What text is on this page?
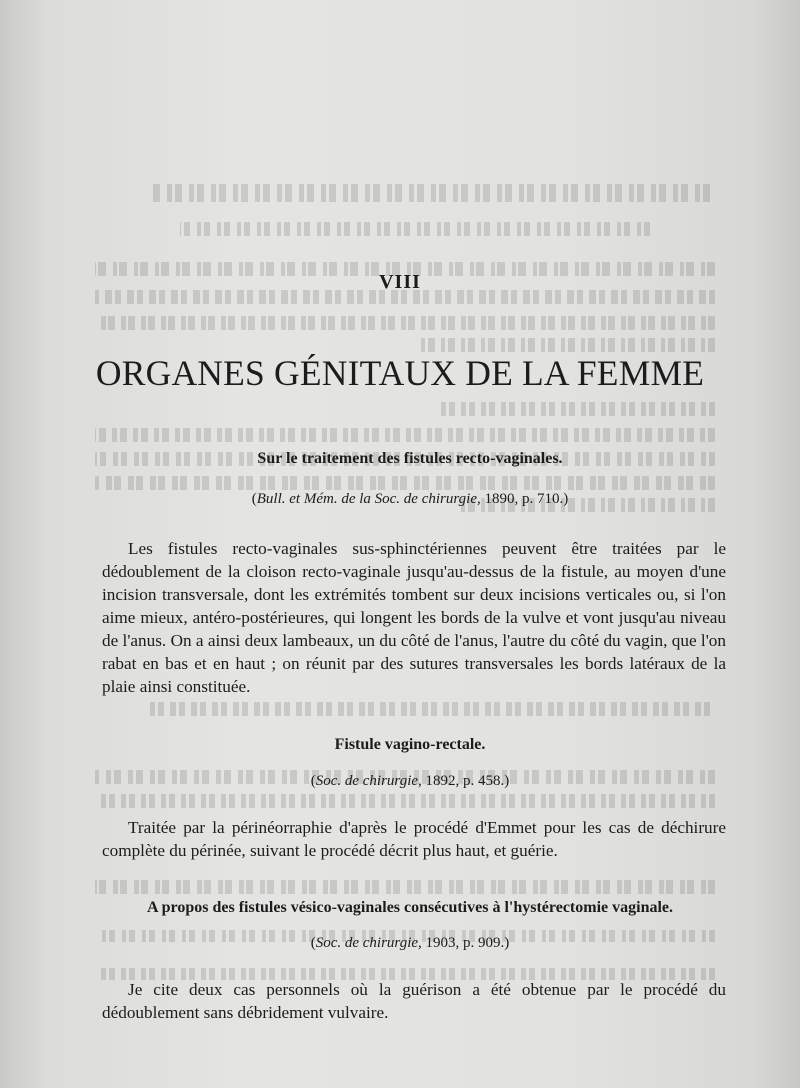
VIII
ORGANES GÉNITAUX DE LA FEMME
Sur le traitement des fistules recto-vaginales.
(Bull. et Mém. de la Soc. de chirurgie, 1890, p. 710.)

Les fistules recto-vaginales sus-sphinctériennes peuvent être traitées par le dédoublement de la cloison recto-vaginale jusqu'au-dessus de la fistule, au moyen d'une incision transversale, dont les extrémités tombent sur deux incisions verticales ou, si l'on aime mieux, antéro-postérieures, qui longent les bords de la vulve et vont jusqu'au niveau de l'anus. On a ainsi deux lambeaux, un du côté de l'anus, l'autre du côté du vagin, que l'on rabat en bas et en haut ; on réunit par des sutures transversales les bords latéraux de la plaie ainsi constituée.

Fistule vagino-rectale.
(Soc. de chirurgie, 1892, p. 458.)

Traitée par la périnéorraphie d'après le procédé d'Emmet pour les cas de déchirure complète du périnée, suivant le procédé décrit plus haut, et guérie.

A propos des fistules vésico-vaginales consécutives à l'hystérectomie vaginale.
(Soc. de chirurgie, 1903, p. 909.)

Je cite deux cas personnels où la guérison a été obtenue par le procédé du dédoublement sans débridement vulvaire.
